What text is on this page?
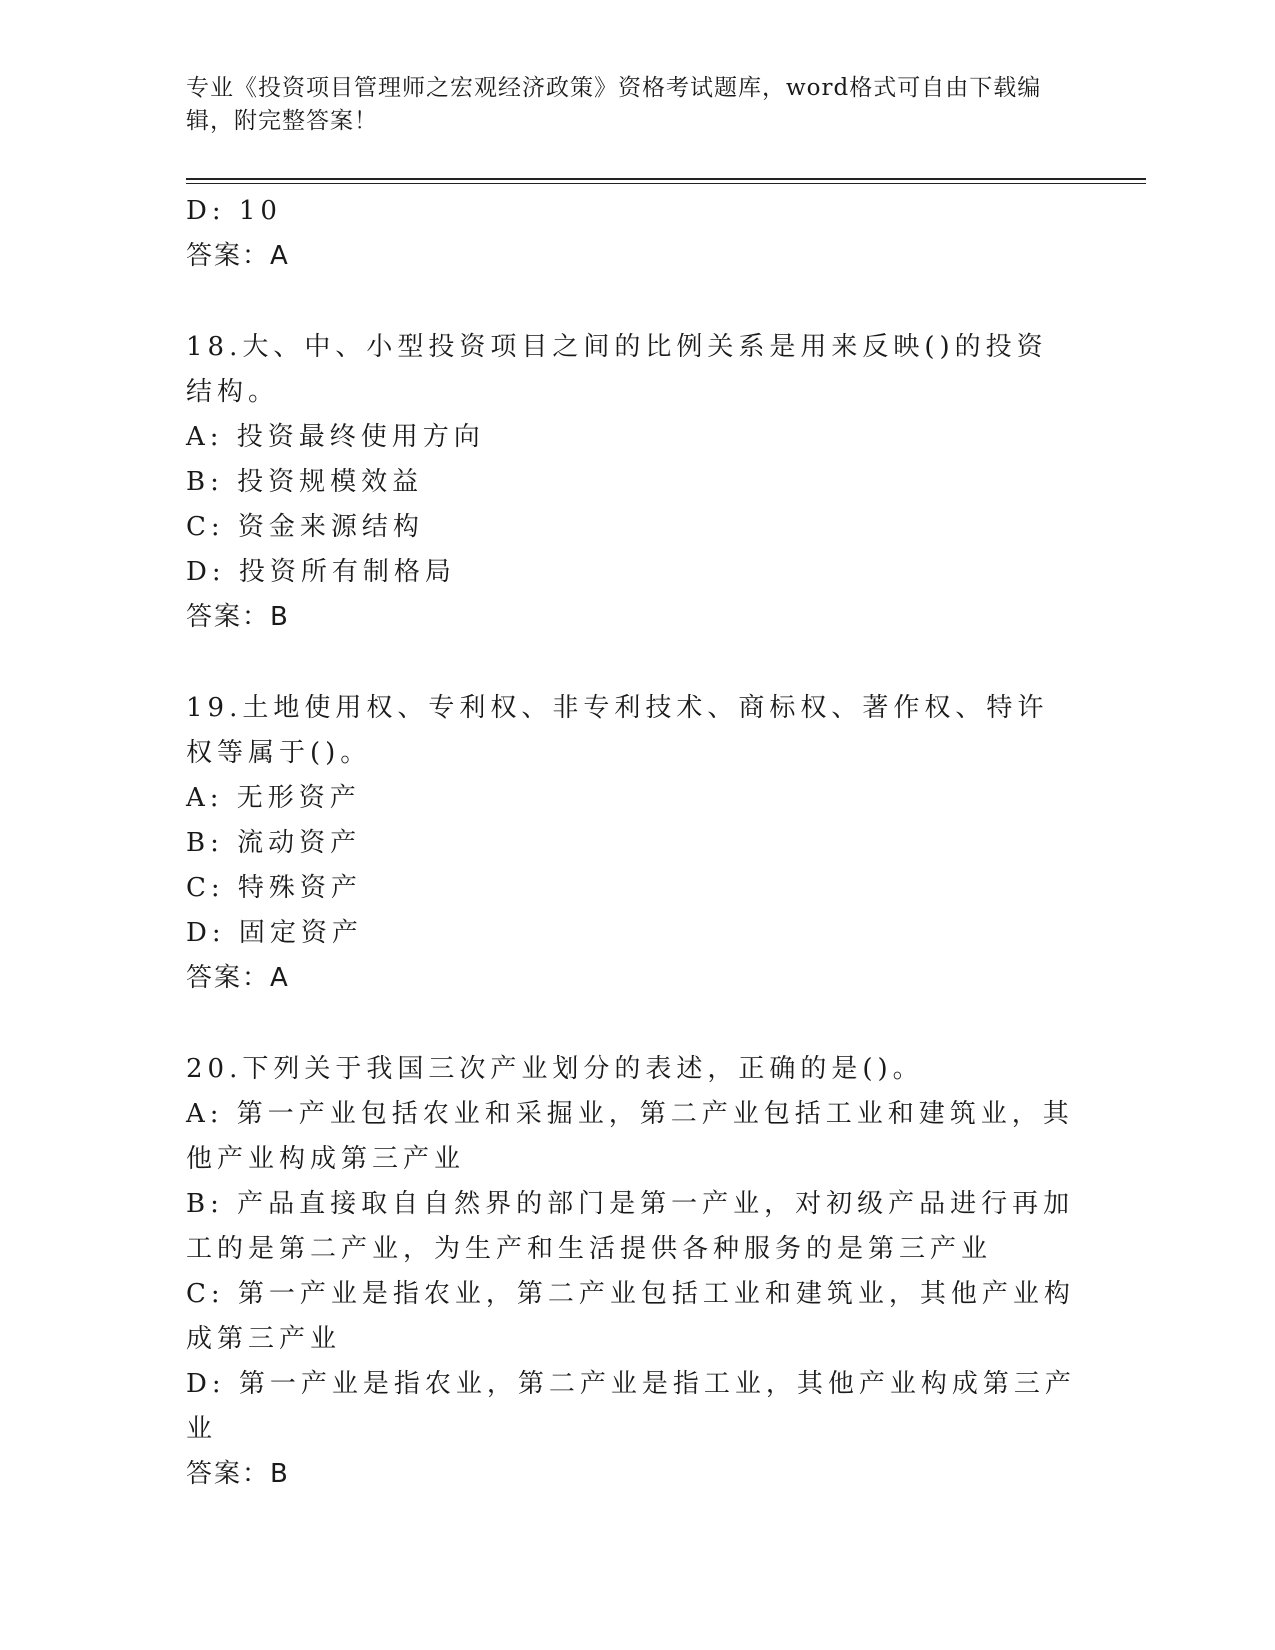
专业《投资项目管理师之宏观经济政策》资格考试题库，word格式可自由下载编辑，附完整答案！
D: 10
答案：A
18.大、中、小型投资项目之间的比例关系是用来反映()的投资结构。
A: 投资最终使用方向
B: 投资规模效益
C: 资金来源结构
D: 投资所有制格局
答案：B
19.土地使用权、专利权、非专利技术、商标权、著作权、特许权等属于()。
A: 无形资产
B: 流动资产
C: 特殊资产
D: 固定资产
答案：A
20.下列关于我国三次产业划分的表述，正确的是()。
A: 第一产业包括农业和采掘业，第二产业包括工业和建筑业，其他产业构成第三产业
B: 产品直接取自自然界的部门是第一产业，对初级产品进行再加工的是第二产业，为生产和生活提供各种服务的是第三产业
C: 第一产业是指农业，第二产业包括工业和建筑业，其他产业构成第三产业
D: 第一产业是指农业，第二产业是指工业，其他产业构成第三产业
答案：B
